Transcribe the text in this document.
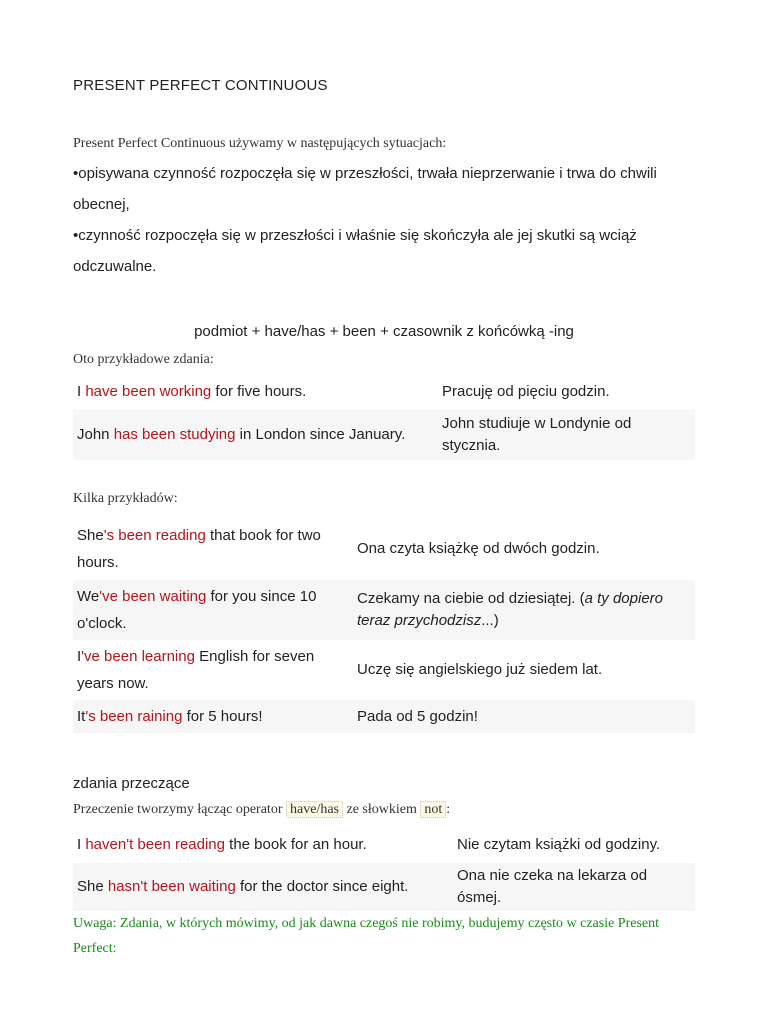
PRESENT PERFECT CONTINUOUS
Present Perfect Continuous używamy w następujących sytuacjach:
•opisywana czynność rozpoczęła się w przeszłości, trwała nieprzerwanie i trwa do chwili obecnej,
•czynność rozpoczęła się w przeszłości i właśnie się skończyła ale jej skutki są wciąż odczuwalne.
podmiot + have/has + been + czasownik z końcówką -ing
Oto przykładowe zdania:
I have been working for five hours.	Pracuję od pięciu godzin.
John has been studying in London since January.	John studiuje w Londynie od stycznia.
Kilka przykładów:
She's been reading that book for two hours.	Ona czyta książkę od dwóch godzin.
We've been waiting for you since 10 o'clock.	Czekamy na ciebie od dziesiątej. (a ty dopiero teraz przychodzisz...)
I've been learning English for seven years now.	Uczę się angielskiego już siedem lat.
It's been raining for 5 hours!	Pada od 5 godzin!
zdania przeczące
Przeczenie tworzymy łącząc operator have/has ze słowkiem not :
I haven't been reading the book for an hour.	Nie czytam książki od godziny.
She hasn't been waiting for the doctor since eight.	Ona nie czeka na lekarza od ósmej.
Uwaga: Zdania, w których mówimy, od jak dawna czegoś nie robimy, budujemy często w czasie Present Perfect:
